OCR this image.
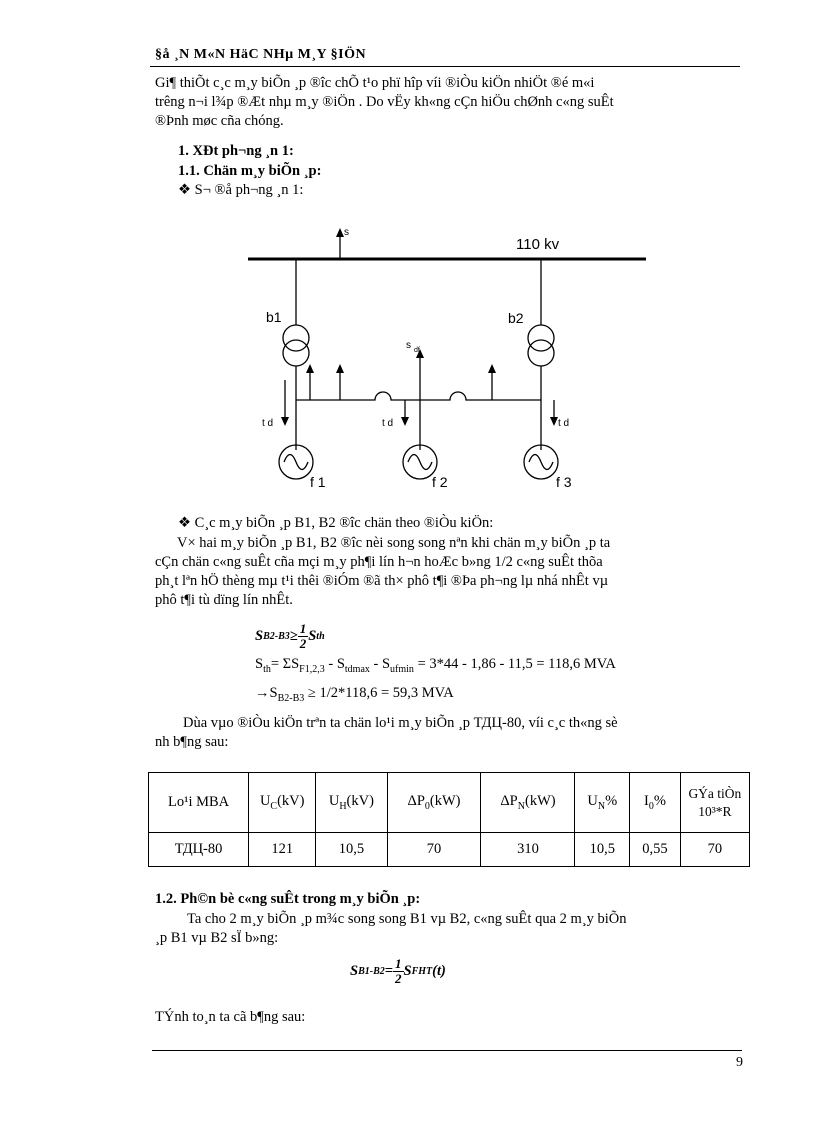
§å ¸N M«N HäC NHµ M¸Y §IÖN
Gi¶ thiÕt c¸c m¸y biÕn ¸p ®îc chÕ t¹o phï hîp víi ®iÒu kiÖn nhiÖt ®é m«i
trêng n¬i l¾p ®Æt nhµ m¸y ®iÖn . Do vËy kh«ng cÇn hiÖu chØnh c«ng suÊt
®Þnh møc cña chóng.
1. XÐt ph¬ng ¸n 1:
1.1. Chän m¸y biÕn ¸p:
❖ S¬ ®å ph¬ng ¸n 1:
110 kv
s
b1	b2
s df
t d	t d	t d
f 1	f 2	f 3
❖ C¸c m¸y biÕn ¸p B1, B2 ®îc chän theo ®iÒu kiÖn:
V× hai m¸y biÕn ¸p B1, B2 ®îc nèi song song nªn khi chän m¸y biÕn ¸p ta
cÇn chän c«ng suÊt cña mçi m¸y ph¶i lín h¬n hoÆc b»ng 1/2 c«ng suÊt thõa
ph¸t lªn hÖ thèng mµ t¹i thêi ®iÓm ®ã th× phô t¶i ®Þa ph¬ng lµ nhá nhÊt vµ
phô t¶i tù dïng lín nhÊt.
S $B2-B3 \ge \frac{1}{2}$ S th
$S_{th}= \Sigma S_{F1,2,3} - S_{tdmax} - S_{ufmin} = 3*44 - 1,86 - 11,5 = 118,6$ MVA
$\to S_{B2-B3} \ge 1/2*118,6 = 59,3$ MVA
Dùa vµo ®iÒu kiÖn trªn ta chän lo¹i m¸y biÕn ¸p ТДЦ-80, víi c¸c th«ng sè
nh b¶ng sau:
Lo¹i MBA	$U_C(kV)$	$U_H(kV)$	$\Delta P_0(kW)$	$\Delta P_N(kW)$	$U_N\%$	$I_0\%$	GÝa tiÒn 10³*R
ТДЦ-80	121	10,5	70	310	10,5	0,55	70
1.2. Ph©n bè c«ng suÊt trong m¸y biÕn ¸p:
Ta cho 2 m¸y biÕn ¸p m¾c song song B1 vµ B2, c«ng suÊt qua 2 m¸y biÕn
¸p B1 vµ B2 sÏ b»ng:
S $B1-B2 = \frac{1}{2}$ S FHT (t)
TÝnh to¸n ta cã b¶ng sau:
9
